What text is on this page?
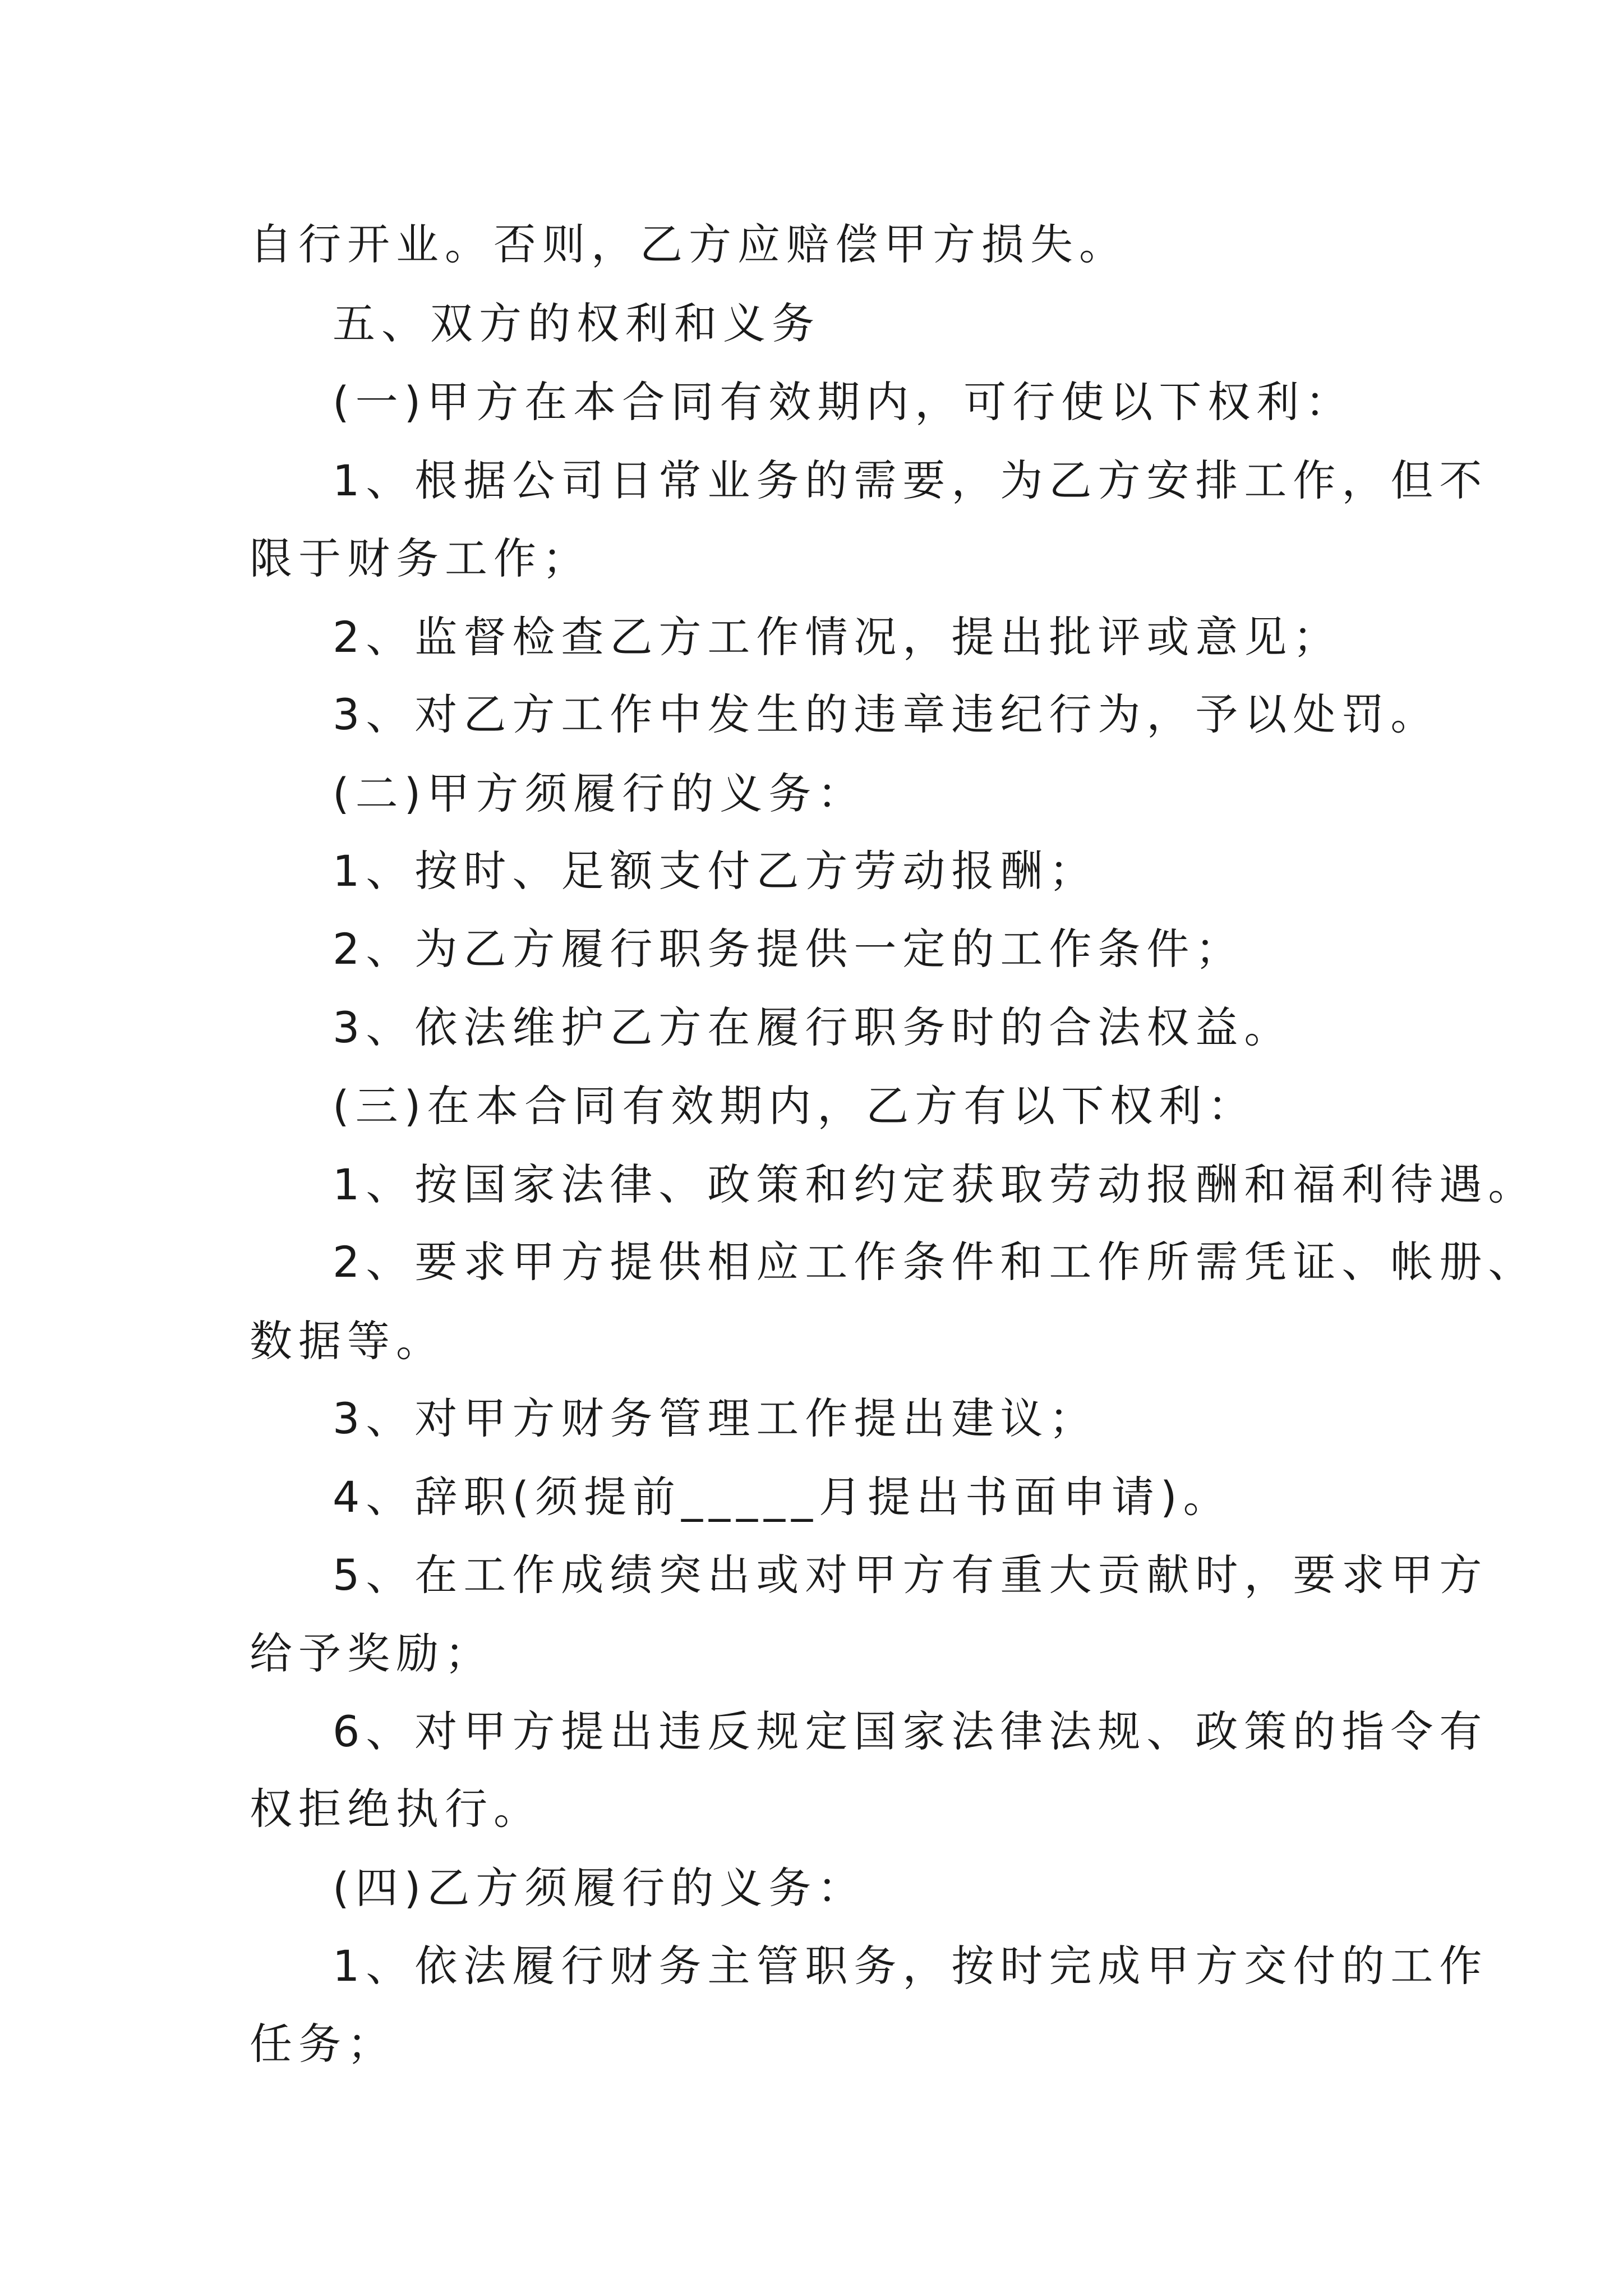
自行开业。否则，乙方应赔偿甲方损失。
五、双方的权利和义务
(一)甲方在本合同有效期内，可行使以下权利：
1、根据公司日常业务的需要，为乙方安排工作，但不
限于财务工作；
2、监督检查乙方工作情况，提出批评或意见；
3、对乙方工作中发生的违章违纪行为，予以处罚。
(二)甲方须履行的义务：
1、按时、足额支付乙方劳动报酬；
2、为乙方履行职务提供一定的工作条件；
3、依法维护乙方在履行职务时的合法权益。
(三)在本合同有效期内，乙方有以下权利：
1、按国家法律、政策和约定获取劳动报酬和福利待遇。
2、要求甲方提供相应工作条件和工作所需凭证、帐册、
数据等。
3、对甲方财务管理工作提出建议；
4、辞职(须提前_____月提出书面申请)。
5、在工作成绩突出或对甲方有重大贡献时，要求甲方
给予奖励；
6、对甲方提出违反规定国家法律法规、政策的指令有
权拒绝执行。
(四)乙方须履行的义务：
1、依法履行财务主管职务，按时完成甲方交付的工作
任务；
